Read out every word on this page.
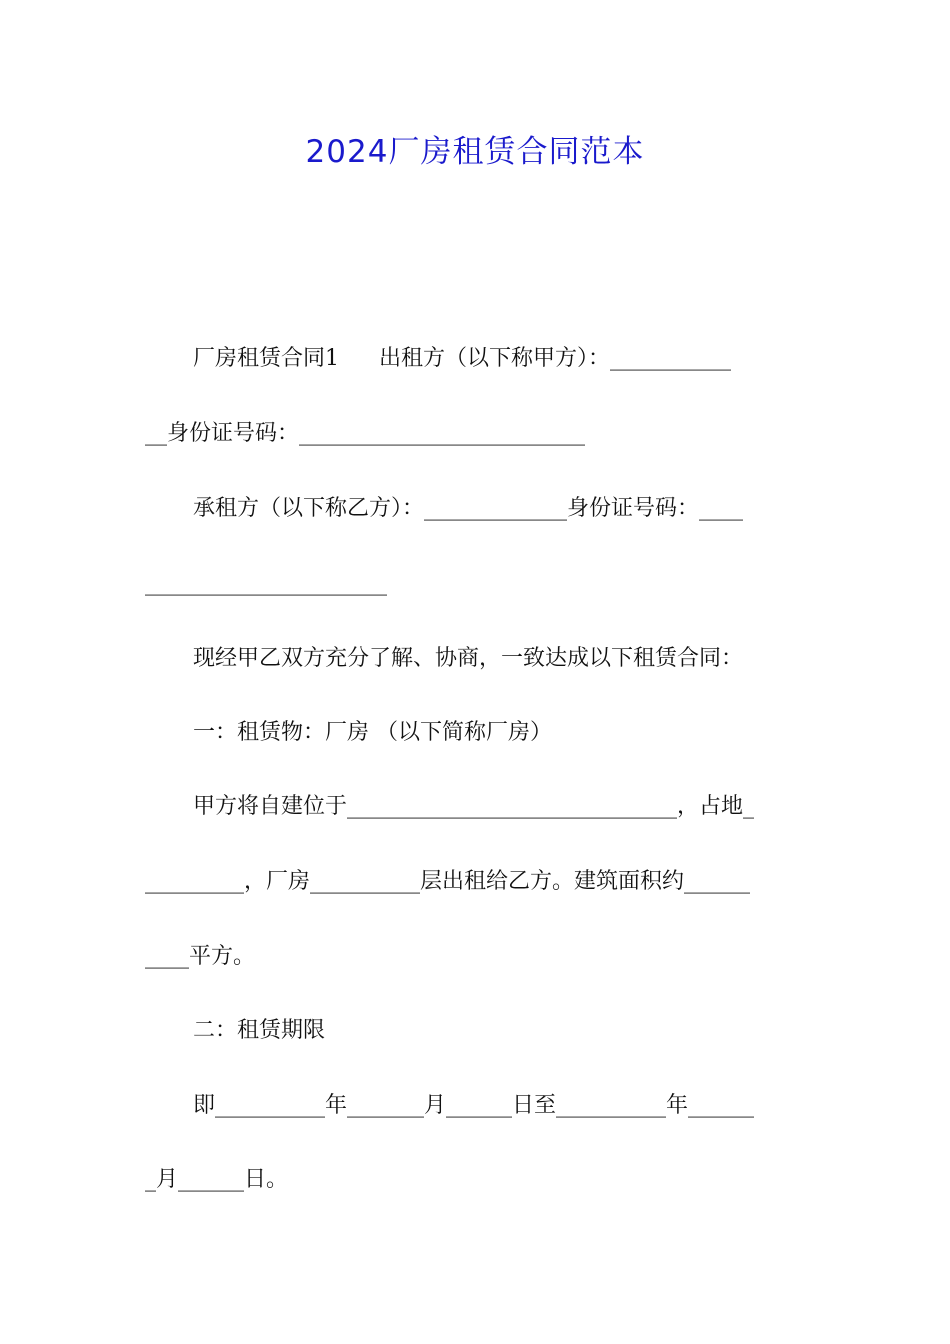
2024厂房租赁合同范本
厂房租赁合同1 出租方（以下称甲方）：___________
__身份证号码：__________________________
承租方（以下称乙方）：_____________身份证号码：____
______________________
现经甲乙双方充分了解、协商，一致达成以下租赁合同：
一：租赁物：厂房 （以下简称厂房）
甲方将自建位于______________________________，占地_
_________，厂房__________层出租给乙方。建筑面积约______
____平方。
二：租赁期限
即__________年_______月______日至__________年______
_月______日。
